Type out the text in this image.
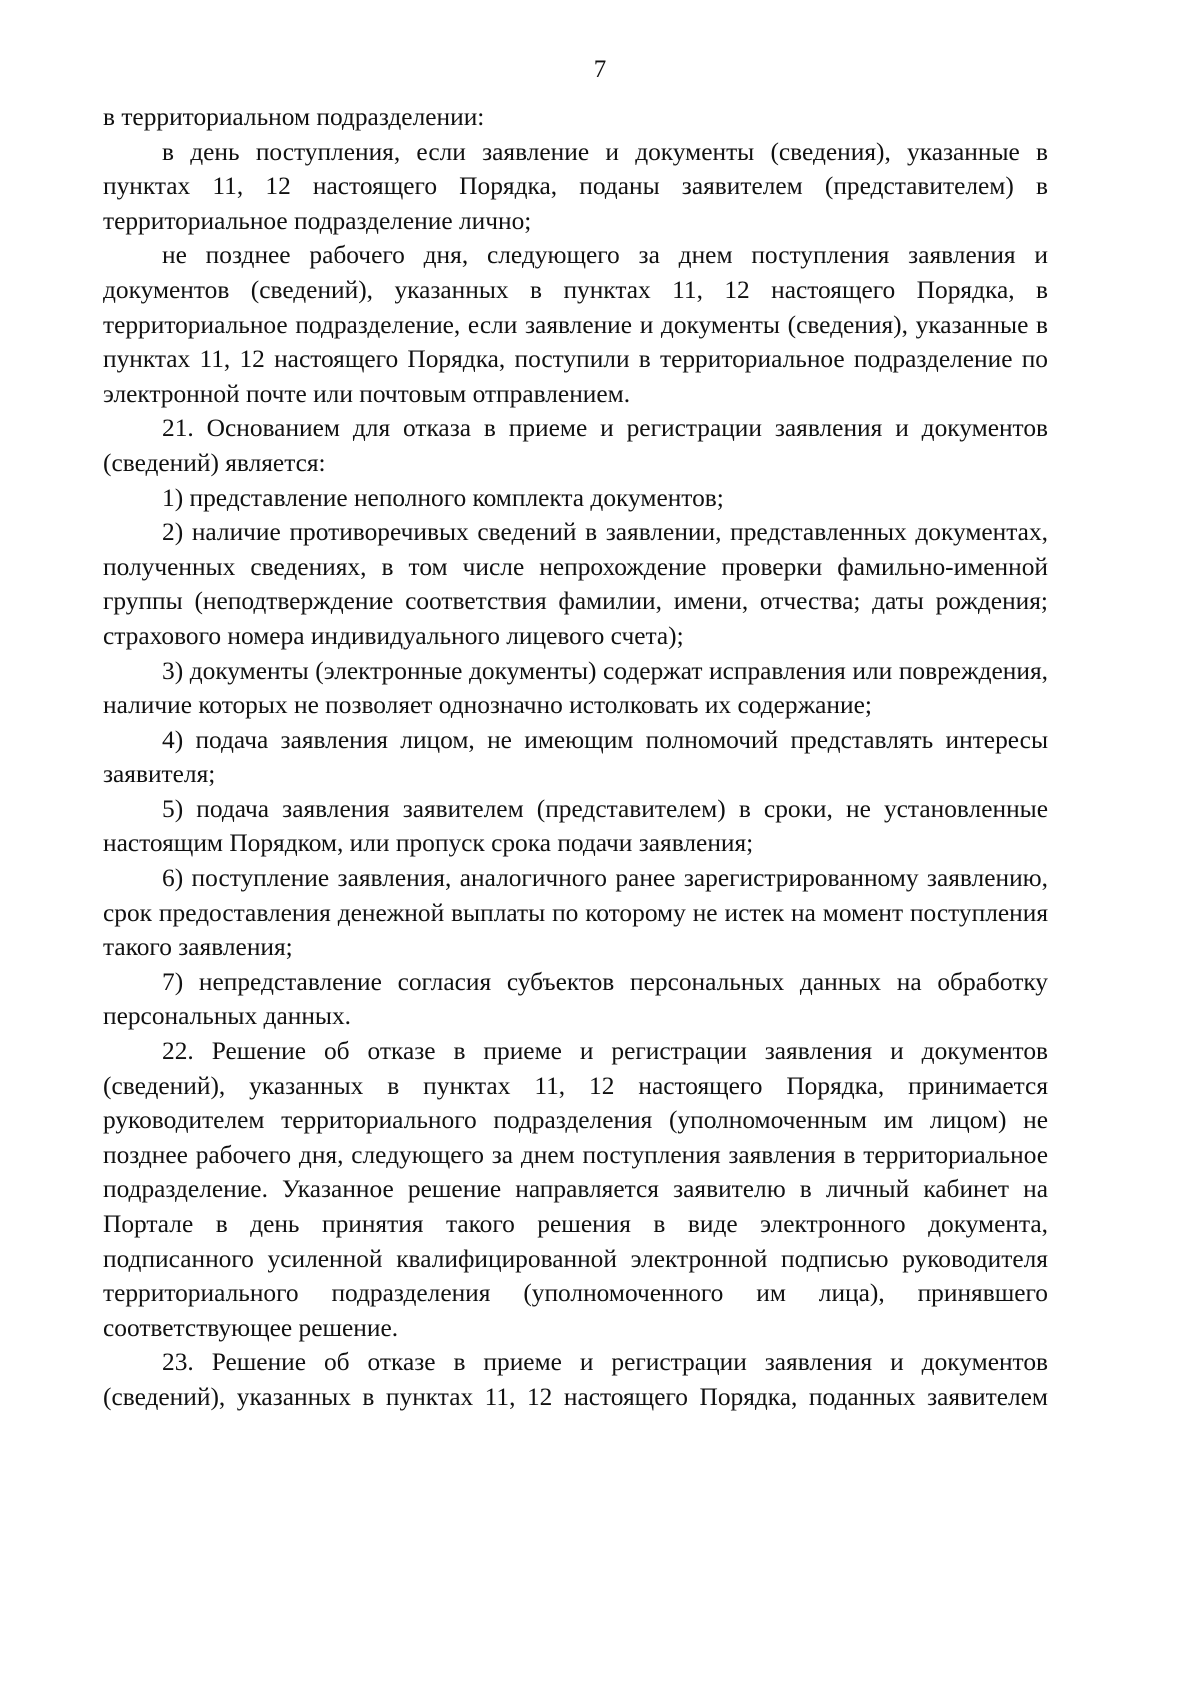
7

в территориальном подразделении:

в день поступления, если заявление и документы (сведения), указанные в пунктах 11, 12 настоящего Порядка, поданы заявителем (представителем) в территориальное подразделение лично;

не позднее рабочего дня, следующего за днем поступления заявления и документов (сведений), указанных в пунктах 11, 12 настоящего Порядка, в территориальное подразделение, если заявление и документы (сведения), указанные в пунктах 11, 12 настоящего Порядка, поступили в территориальное подразделение по электронной почте или почтовым отправлением.

21. Основанием для отказа в приеме и регистрации заявления и документов (сведений) является:

1) представление неполного комплекта документов;

2) наличие противоречивых сведений в заявлении, представленных документах, полученных сведениях, в том числе непрохождение проверки фамильно-именной группы (неподтверждение соответствия фамилии, имени, отчества; даты рождения; страхового номера индивидуального лицевого счета);

3) документы (электронные документы) содержат исправления или повреждения, наличие которых не позволяет однозначно истолковать их содержание;

4) подача заявления лицом, не имеющим полномочий представлять интересы заявителя;

5) подача заявления заявителем (представителем) в сроки, не установленные настоящим Порядком, или пропуск срока подачи заявления;

6) поступление заявления, аналогичного ранее зарегистрированному заявлению, срок предоставления денежной выплаты по которому не истек на момент поступления такого заявления;

7) непредставление согласия субъектов персональных данных на обработку персональных данных.

22. Решение об отказе в приеме и регистрации заявления и документов (сведений), указанных в пунктах 11, 12 настоящего Порядка, принимается руководителем территориального подразделения (уполномоченным им лицом) не позднее рабочего дня, следующего за днем поступления заявления в территориальное подразделение. Указанное решение направляется заявителю в личный кабинет на Портале в день принятия такого решения в виде электронного документа, подписанного усиленной квалифицированной электронной подписью руководителя территориального подразделения (уполномоченного им лица), принявшего соответствующее решение.

23. Решение об отказе в приеме и регистрации заявления и документов (сведений), указанных в пунктах 11, 12 настоящего Порядка, поданных заявителем
